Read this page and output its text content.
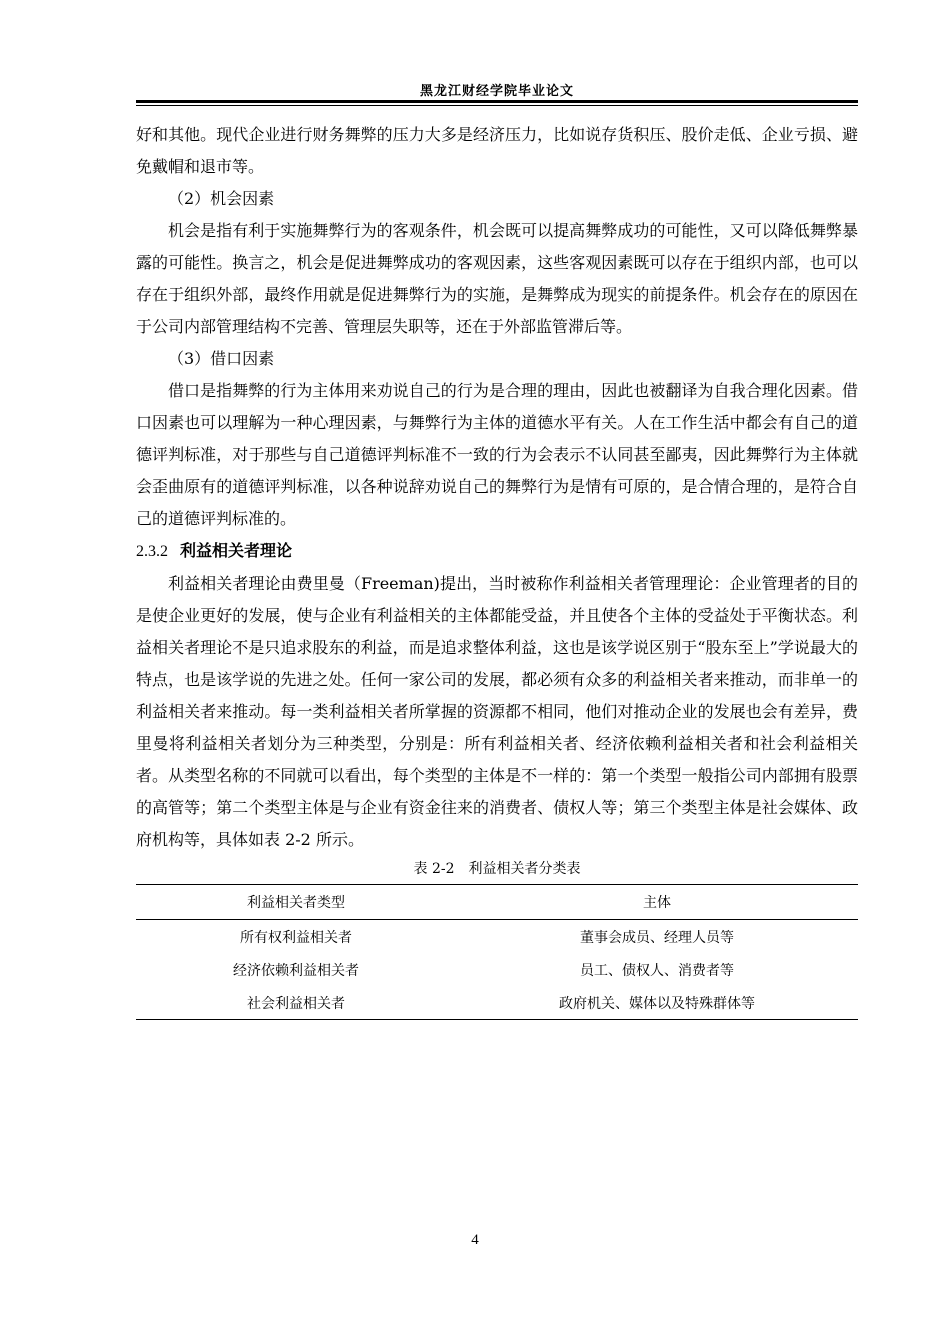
黑龙江财经学院毕业论文

好和其他。现代企业进行财务舞弊的压力大多是经济压力，比如说存货积压、股价走低、企业亏损、避免戴帽和退市等。

（2）机会因素

机会是指有利于实施舞弊行为的客观条件，机会既可以提高舞弊成功的可能性，又可以降低舞弊暴露的可能性。换言之，机会是促进舞弊成功的客观因素，这些客观因素既可以存在于组织内部，也可以存在于组织外部，最终作用就是促进舞弊行为的实施，是舞弊成为现实的前提条件。机会存在的原因在于公司内部管理结构不完善、管理层失职等，还在于外部监管滞后等。

（3）借口因素

借口是指舞弊的行为主体用来劝说自己的行为是合理的理由，因此也被翻译为自我合理化因素。借口因素也可以理解为一种心理因素，与舞弊行为主体的道德水平有关。人在工作生活中都会有自己的道德评判标准，对于那些与自己道德评判标准不一致的行为会表示不认同甚至鄙夷，因此舞弊行为主体就会歪曲原有的道德评判标准，以各种说辞劝说自己的舞弊行为是情有可原的，是合情合理的，是符合自己的道德评判标准的。

2.3.2 利益相关者理论

利益相关者理论由费里曼（Freeman)提出，当时被称作利益相关者管理理论：企业管理者的目的是使企业更好的发展，使与企业有利益相关的主体都能受益，并且使各个主体的受益处于平衡状态。利益相关者理论不是只追求股东的利益，而是追求整体利益，这也是该学说区别于“股东至上”学说最大的特点，也是该学说的先进之处。任何一家公司的发展，都必须有众多的利益相关者来推动，而非单一的利益相关者来推动。每一类利益相关者所掌握的资源都不相同，他们对推动企业的发展也会有差异，费里曼将利益相关者划分为三种类型，分别是：所有利益相关者、经济依赖利益相关者和社会利益相关者。从类型名称的不同就可以看出，每个类型的主体是不一样的：第一个类型一般指公司内部拥有股票的高管等；第二个类型主体是与企业有资金往来的消费者、债权人等；第三个类型主体是社会媒体、政府机构等，具体如表 2-2 所示。

表 2-2 利益相关者分类表

利益相关者类型	主体
所有权利益相关者	董事会成员、经理人员等
经济依赖利益相关者	员工、债权人、消费者等
社会利益相关者	政府机关、媒体以及特殊群体等
4
